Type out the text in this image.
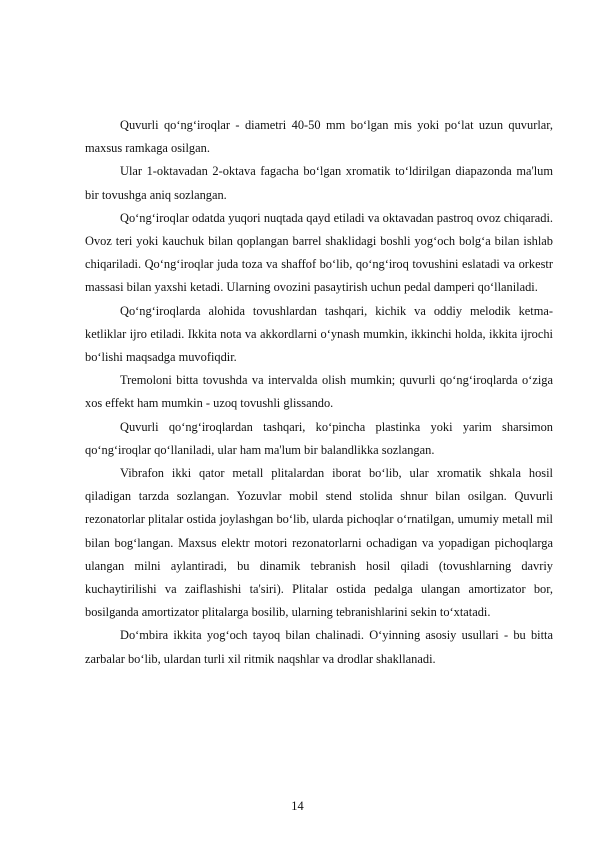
Quvurli qo‘ng‘iroqlar - diametri 40-50 mm bo‘lgan mis yoki po‘lat uzun quvurlar, maxsus ramkaga osilgan.

Ular 1-oktavadan 2-oktava fagacha bo‘lgan xromatik to‘ldirilgan diapazonda ma'lum bir tovushga aniq sozlangan.

Qo‘ng‘iroqlar odatda yuqori nuqtada qayd etiladi va oktavadan pastroq ovoz chiqaradi. Ovoz teri yoki kauchuk bilan qoplangan barrel shaklidagi boshli yog‘och bolg‘a bilan ishlab chiqariladi. Qo‘ng‘iroqlar juda toza va shaffof bo‘lib, qo‘ng‘iroq tovushini eslatadi va orkestr massasi bilan yaxshi ketadi. Ularning ovozini pasaytirish uchun pedal damperi qo‘llaniladi.

Qo‘ng‘iroqlarda alohida tovushlardan tashqari, kichik va oddiy melodik ketma-ketliklar ijro etiladi. Ikkita nota va akkordlarni o‘ynash mumkin, ikkinchi holda, ikkita ijrochi bo‘lishi maqsadga muvofiqdir.

Tremoloni bitta tovushda va intervalda olish mumkin; quvurli qo‘ng‘iroqlarda o‘ziga xos effekt ham mumkin - uzoq tovushli glissando.

Quvurli qo‘ng‘iroqlardan tashqari, ko‘pincha plastinka yoki yarim sharsimon qo‘ng‘iroqlar qo‘llaniladi, ular ham ma'lum bir balandlikka sozlangan.

Vibrafon ikki qator metall plitalardan iborat bo‘lib, ular xromatik shkala hosil qiladigan tarzda sozlangan. Yozuvlar mobil stend stolida shnur bilan osilgan. Quvurli rezonatorlar plitalar ostida joylashgan bo‘lib, ularda pichoqlar o‘rnatilgan, umumiy metall mil bilan bog‘langan. Maxsus elektr motori rezonatorlarni ochadigan va yopadigan pichoqlarga ulangan milni aylantiradi, bu dinamik tebranish hosil qiladi (tovushlarning davriy kuchaytirilishi va zaiflashishi ta'siri). Plitalar ostida pedalga ulangan amortizator bor, bosilganda amortizator plitalarga bosilib, ularning tebranishlarini sekin to‘xtatadi.

Do‘mbira ikkita yog‘och tayoq bilan chalinadi. O‘yinning asosiy usullari - bu bitta zarbalar bo‘lib, ulardan turli xil ritmik naqshlar va drodlar shakllanadi.

14
